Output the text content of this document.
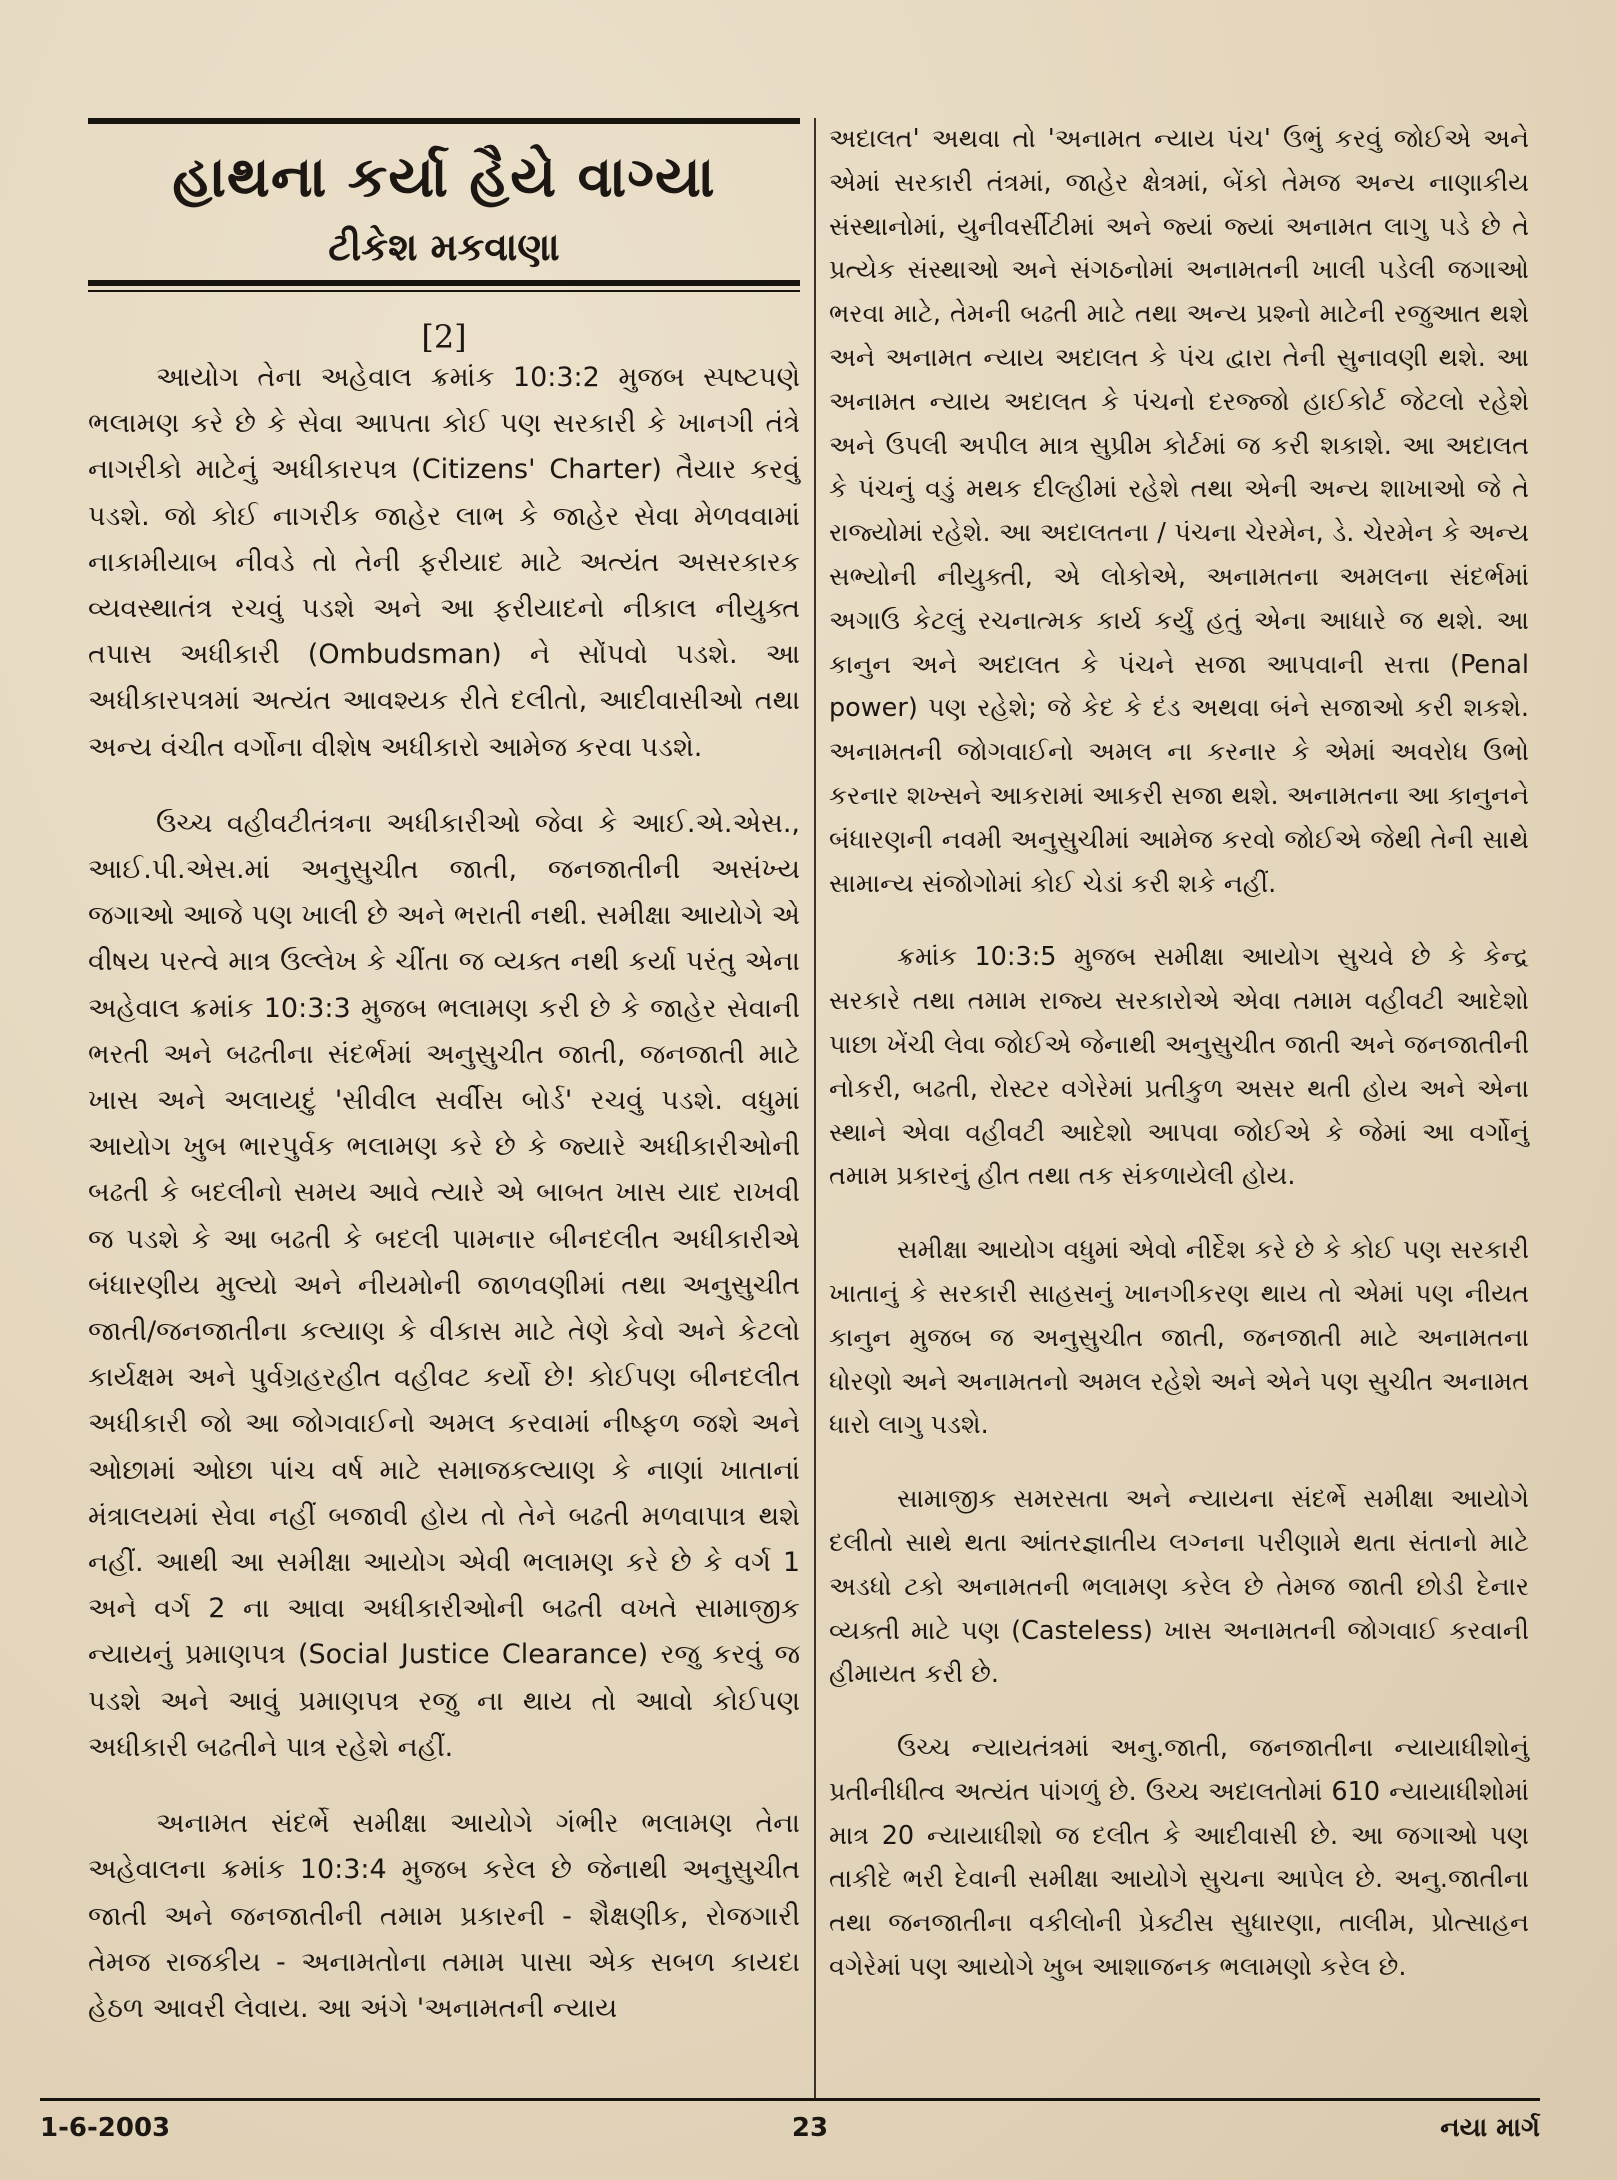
હાથના કર્યા હૈયે વાગ્યા
ટીકેશ મકવાણા
[2]

આયોગ તેના અહેવાલ ક્રમાંક 10:3:2 મુજબ સ્પષ્ટપણે ભલામણ કરે છે કે સેવા આપતા કોઈ પણ સરકારી કે ખાનગી તંત્રે નાગરીકો માટેનું અધીકારપત્ર (Citizens' Charter) તૈયાર કરવું પડશે. જો કોઈ નાગરીક જાહેર લાભ કે જાહેર સેવા મેળવવામાં નાકામીયાબ નીવડે તો તેની ફરીયાદ માટે અત્યંત અસરકારક વ્યવસ્થાતંત્ર રચવું પડશે અને આ ફરીયાદનો નીકાલ નીયુક્ત તપાસ અધીકારી (Ombudsman) ને સોંપવો પડશે. આ અધીકારપત્રમાં અત્યંત આવશ્યક રીતે દલીતો, આદીવાસીઓ તથા અન્ય વંચીત વર્ગોના વીશેષ અધીકારો આમેજ કરવા પડશે.

ઉચ્ચ વહીવટીતંત્રના અધીકારીઓ જેવા કે આઈ.એ.એસ., આઈ.પી.એસ.માં અનુસુચીત જાતી, જનજાતીની અસંખ્ય જગાઓ આજે પણ ખાલી છે અને ભરાતી નથી. સમીક્ષા આયોગે એ વીષય પરત્વે માત્ર ઉલ્લેખ કે ચીંતા જ વ્યક્ત નથી કર્યા પરંતુ એના અહેવાલ ક્રમાંક 10:3:3 મુજબ ભલામણ કરી છે કે જાહેર સેવાની ભરતી અને બઢતીના સંદર્ભમાં અનુસુચીત જાતી, જનજાતી માટે ખાસ અને અલાયદું 'સીવીલ સર્વીસ બોર્ડ' રચવું પડશે. વધુમાં આયોગ ખુબ ભારપુર્વક ભલામણ કરે છે કે જ્યારે અધીકારીઓની બઢતી કે બદલીનો સમય આવે ત્યારે એ બાબત ખાસ યાદ રાખવી જ પડશે કે આ બઢતી કે બદલી પામનાર બીનદલીત અધીકારીએ બંધારણીય મુલ્યો અને નીયમોની જાળવણીમાં તથા અનુસુચીત જાતી/જનજાતીના કલ્યાણ કે વીકાસ માટે તેણે કેવો અને કેટલો કાર્યક્ષમ અને પુર્વગ્રહરહીત વહીવટ કર્યો છે! કોઈપણ બીનદલીત અધીકારી જો આ જોગવાઈનો અમલ કરવામાં નીષ્ફળ જશે અને ઓછામાં ઓછા પાંચ વર્ષ માટે સમાજકલ્યાણ કે નાણાં ખાતાનાં મંત્રાલયમાં સેવા નહીં બજાવી હોય તો તેને બઢતી મળવાપાત્ર થશે નહીં. આથી આ સમીક્ષા આયોગ એવી ભલામણ કરે છે કે વર્ગ 1 અને વર્ગ 2 ના આવા અધીકારીઓની બઢતી વખતે સામાજીક ન્યાયનું પ્રમાણપત્ર (Social Justice Clearance) રજુ કરવું જ પડશે અને આવું પ્રમાણપત્ર રજુ ના થાય તો આવો કોઈપણ અધીકારી બઢતીને પાત્ર રહેશે નહીં.

અનામત સંદર્ભે સમીક્ષા આયોગે ગંભીર ભલામણ તેના અહેવાલના ક્રમાંક 10:3:4 મુજબ કરેલ છે જેનાથી અનુસુચીત જાતી અને જનજાતીની તમામ પ્રકારની - શૈક્ષણીક, રોજગારી તેમજ રાજકીય - અનામતોના તમામ પાસા એક સબળ કાયદા હેઠળ આવરી લેવાય. આ અંગે 'અનામતની ન્યાય

અદાલત' અથવા તો 'અનામત ન્યાય પંચ' ઉભું કરવું જોઈએ અને એમાં સરકારી તંત્રમાં, જાહેર ક્ષેત્રમાં, બેંકો તેમજ અન્ય નાણાકીય સંસ્થાનોમાં, યુનીવર્સીટીમાં અને જ્યાં જ્યાં અનામત લાગુ પડે છે તે પ્રત્યેક સંસ્થાઓ અને સંગઠનોમાં અનામતની ખાલી પડેલી જગાઓ ભરવા માટે, તેમની બઢતી માટે તથા અન્ય પ્રશ્નો માટેની રજુઆત થશે અને અનામત ન્યાય અદાલત કે પંચ દ્વારા તેની સુનાવણી થશે. આ અનામત ન્યાય અદાલત કે પંચનો દરજ્જો હાઈકોર્ટ જેટલો રહેશે અને ઉપલી અપીલ માત્ર સુપ્રીમ કોર્ટમાં જ કરી શકાશે. આ અદાલત કે પંચનું વડું મથક દીલ્હીમાં રહેશે તથા એની અન્ય શાખાઓ જે તે રાજ્યોમાં રહેશે. આ અદાલતના / પંચના ચેરમેન, ડે. ચેરમેન કે અન્ય સભ્યોની નીયુક્તી, એ લોકોએ, અનામતના અમલના સંદર્ભમાં અગાઉ કેટલું રચનાત્મક કાર્ય કર્યું હતું એના આધારે જ થશે. આ કાનુન અને અદાલત કે પંચને સજા આપવાની સત્તા (Penal power) પણ રહેશે; જે કેદ કે દંડ અથવા બંને સજાઓ કરી શકશે. અનામતની જોગવાઈનો અમલ ના કરનાર કે એમાં અવરોધ ઉભો કરનાર શખ્સને આકરામાં આકરી સજા થશે. અનામતના આ કાનુનને બંધારણની નવમી અનુસુચીમાં આમેજ કરવો જોઈએ જેથી તેની સાથે સામાન્ય સંજોગોમાં કોઈ ચેડાં કરી શકે નહીં.

ક્રમાંક 10:3:5 મુજબ સમીક્ષા આયોગ સુચવે છે કે કેન્દ્ર સરકારે તથા તમામ રાજ્ય સરકારોએ એવા તમામ વહીવટી આદેશો પાછા ખેંચી લેવા જોઈએ જેનાથી અનુસુચીત જાતી અને જનજાતીની નોકરી, બઢતી, રોસ્ટર વગેરેમાં પ્રતીકુળ અસર થતી હોય અને એના સ્થાને એવા વહીવટી આદેશો આપવા જોઈએ કે જેમાં આ વર્ગોનું તમામ પ્રકારનું હીત તથા તક સંકળાયેલી હોય.

સમીક્ષા આયોગ વધુમાં એવો નીર્દેશ કરે છે કે કોઈ પણ સરકારી ખાતાનું કે સરકારી સાહસનું ખાનગીકરણ થાય તો એમાં પણ નીયત કાનુન મુજબ જ અનુસુચીત જાતી, જનજાતી માટે અનામતના ધોરણો અને અનામતનો અમલ રહેશે અને એને પણ સુચીત અનામત ધારો લાગુ પડશે.

સામાજીક સમરસતા અને ન્યાયના સંદર્ભે સમીક્ષા આયોગે દલીતો સાથે થતા આંતરજ્ઞાતીય લગ્નના પરીણામે થતા સંતાનો માટે અડધો ટકો અનામતની ભલામણ કરેલ છે તેમજ જાતી છોડી દેનાર વ્યક્તી માટે પણ (Casteless) ખાસ અનામતની જોગવાઈ કરવાની હીમાયત કરી છે.

ઉચ્ચ ન્યાયતંત્રમાં અનુ.જાતી, જનજાતીના ન્યાયાધીશોનું પ્રતીનીધીત્વ અત્યંત પાંગળું છે. ઉચ્ચ અદાલતોમાં 610 ન્યાયાધીશોમાં માત્ર 20 ન્યાયાધીશો જ દલીત કે આદીવાસી છે. આ જગાઓ પણ તાકીદે ભરી દેવાની સમીક્ષા આયોગે સુચના આપેલ છે. અનુ.જાતીના તથા જનજાતીના વકીલોની પ્રેક્ટીસ સુધારણા, તાલીમ, પ્રોત્સાહન વગેરેમાં પણ આયોગે ખુબ આશાજનક ભલામણો કરેલ છે.

1-6-2003	23	નયા માર્ગ
